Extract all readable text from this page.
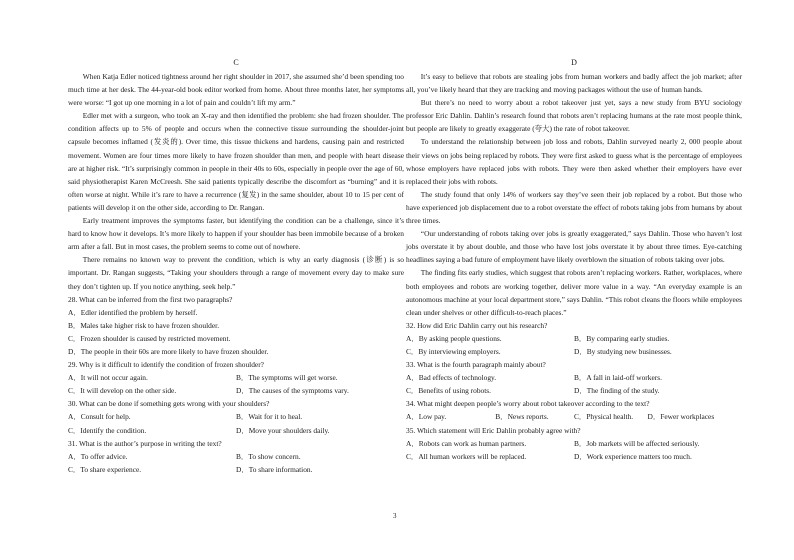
C

When Katja Edler noticed tightness around her right shoulder in 2017, she assumed she’d been spending too much time at her desk. The 44-year-old book editor worked from home. About three months later, her symptoms were worse: “I got up one morning in a lot of pain and couldn’t lift my arm.”

Edler met with a surgeon, who took an X-ray and then identified the problem: she had frozen shoulder. The condition affects up to 5% of people and occurs when the connective tissue surrounding the shoulder-joint capsule becomes inflamed (发炎的). Over time, this tissue thickens and hardens, causing pain and restricted movement. Women are four times more likely to have frozen shoulder than men, and people with heart disease are at higher risk. “It’s surprisingly common in people in their 40s to 60s, especially in people over the age of 60, said physiotherapist Karen McCreesh. She said patients typically describe the discomfort as “burning” and it is often worse at night. While it’s rare to have a recurrence (复发) in the same shoulder, about 10 to 15 per cent of patients will develop it on the other side, according to Dr. Rangan.

Early treatment improves the symptoms faster, but identifying the condition can be a challenge, since it’s hard to know how it develops. It’s more likely to happen if your shoulder has been immobile because of a broken arm after a fall. But in most cases, the problem seems to come out of nowhere.

There remains no known way to prevent the condition, which is why an early diagnosis (诊断) is so important. Dr. Rangan suggests, “Taking your shoulders through a range of movement every day to make sure they don’t tighten up. If you notice anything, seek help.”

28. What can be inferred from the first two paragraphs?

A．Edler identified the problem by herself.
B．Males take higher risk to have frozen shoulder.
C．Frozen shoulder is caused by restricted movement.
D．The people in their 60s are more likely to have frozen shoulder.

29. Why is it difficult to identify the condition of frozen shoulder?

A．It will not occur again.	B．The symptoms will get worse.
C．It will develop on the other side.	D．The causes of the symptoms vary.

30. What can be done if something gets wrong with your shoulders?

A．Consult for help.	B．Wait for it to heal.
C．Identify the condition.	D．Move your shoulders daily.

31. What is the author’s purpose in writing the text?

A．To offer advice.	B．To show concern.
C．To share experience.	D．To share information.
D

It’s easy to believe that robots are stealing jobs from human workers and badly affect the job market; after all, you’ve likely heard that they are tracking and moving packages without the use of human hands.

But there’s no need to worry about a robot takeover just yet, says a new study from BYU sociology professor Eric Dahlin. Dahlin’s research found that robots aren’t replacing humans at the rate most people think, but people are likely to greatly exaggerate (夸大) the rate of robot takeover.

To understand the relationship between job loss and robots, Dahlin surveyed nearly 2, 000 people about their views on jobs being replaced by robots. They were first asked to guess what is the percentage of employees whose employers have replaced jobs with robots. They were then asked whether their employers have ever replaced their jobs with robots.

The study found that only 14% of workers say they’ve seen their job replaced by a robot. But those who have experienced job displacement due to a robot overstate the effect of robots taking jobs from humans by about three times.

“Our understanding of robots taking over jobs is greatly exaggerated,” says Dahlin. Those who haven’t lost jobs overstate it by about double, and those who have lost jobs overstate it by about three times. Eye-catching headlines saying a bad future of employment have likely overblown the situation of robots taking over jobs.

The finding fits early studies, which suggest that robots aren’t replacing workers. Rather, workplaces, where both employees and robots are working together, deliver more value in a way. “An everyday example is an autonomous machine at your local department store,” says Dahlin. “This robot cleans the floors while employees clean under shelves or other difficult-to-reach places.”

32. How did Eric Dahlin carry out his research?

A．By asking people questions.	B．By comparing early studies.
C．By interviewing employers.	D．By studying new businesses.

33. What is the fourth paragraph mainly about?

A．Bad effects of technology.	B．A fall in laid-off workers.
C．Benefits of using robots.	D．The finding of the study.

34. What might deepen people’s worry about robot takeover according to the text?

A．Low pay.	B．News reports.	C．Physical health.	D．Fewer workplaces

35. Which statement will Eric Dahlin probably agree with?

A．Robots can work as human partners.	B．Job markets will be affected seriously.
C．All human workers will be replaced.	D．Work experience matters too much.
3
